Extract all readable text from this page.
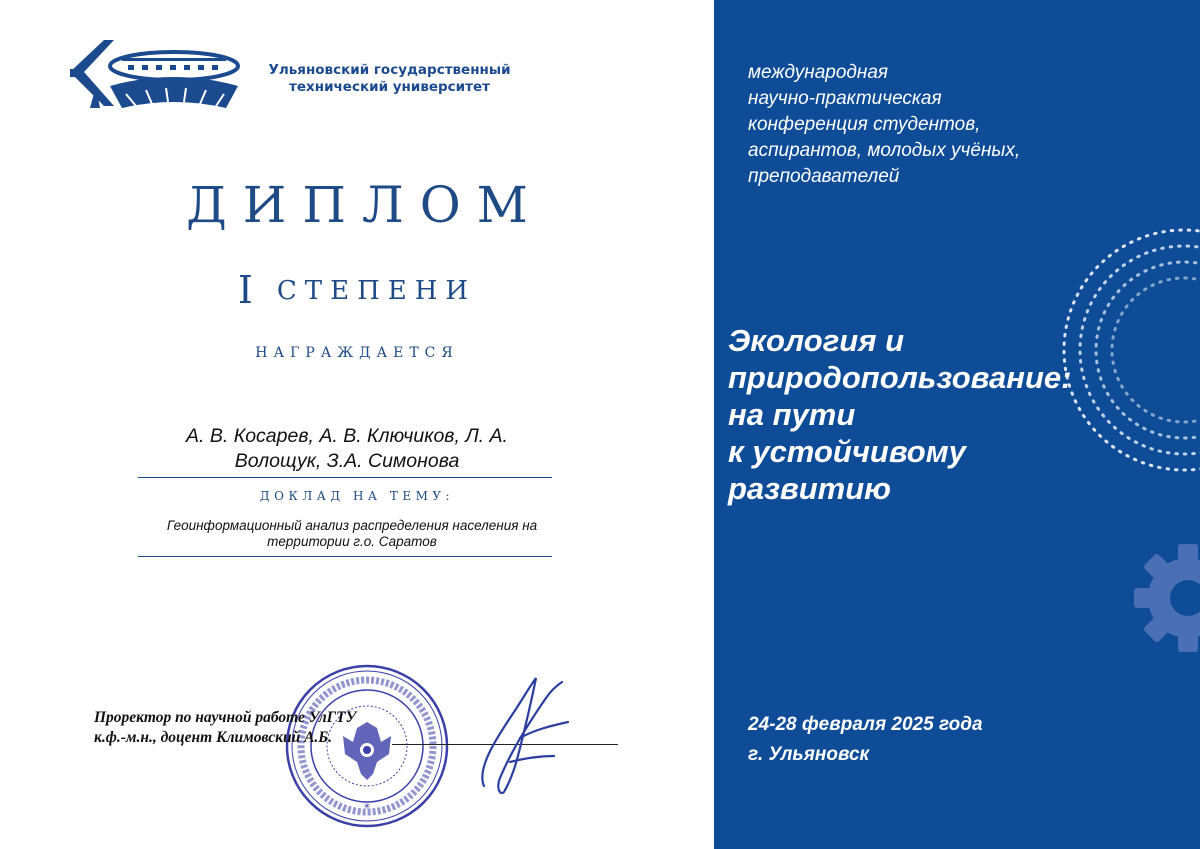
Ульяновский государственный
технический университет
ДИПЛОМ
I СТЕПЕНИ
НАГРАЖДАЕТСЯ
А. В. Косарев, А. В. Ключиков, Л. А.
Волощук, З.А. Симонова
ДОКЛАД НА ТЕМУ:
Геоинформационный анализ распределения населения на
территории г.о. Саратов
*
Проректор по научной работе УлГТУ
к.ф.-м.н., доцент Климовский А.Б.
международная
научно-практическая
конференция студентов,
аспирантов, молодых учёных,
преподавателей
Экология и
природопользование:
на пути
к устойчивому
развитию
24-28 февраля 2025 года
г. Ульяновск
